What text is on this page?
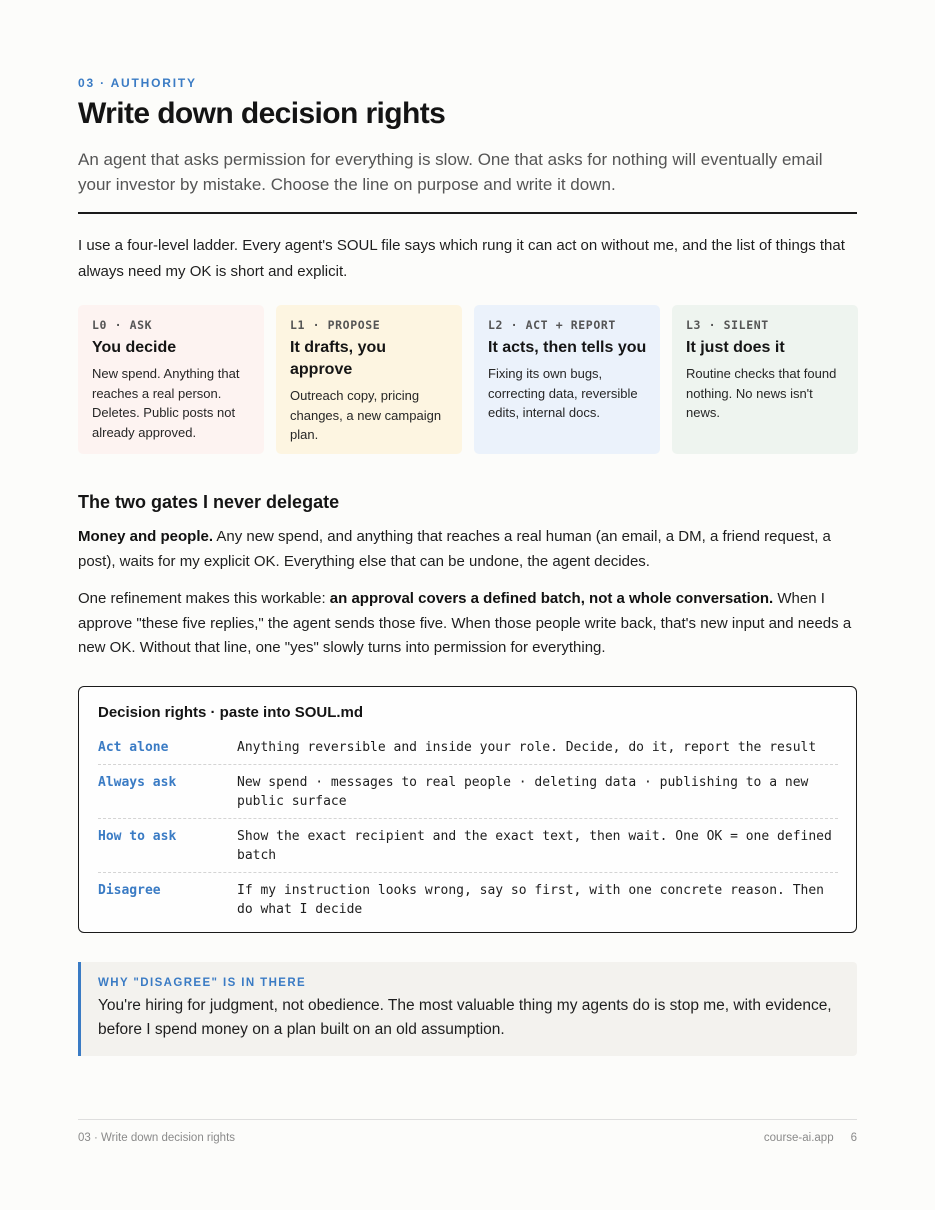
03 · AUTHORITY
Write down decision rights

An agent that asks permission for everything is slow. One that asks for nothing will eventually email your investor by mistake. Choose the line on purpose and write it down.

I use a four-level ladder. Every agent's SOUL file says which rung it can act on without me, and the list of things that always need my OK is short and explicit.

L0 · ASK
You decide
New spend. Anything that reaches a real person. Deletes. Public posts not already approved.
L1 · PROPOSE
It drafts, you approve
Outreach copy, pricing changes, a new campaign plan.
L2 · ACT + REPORT
It acts, then tells you
Fixing its own bugs, correcting data, reversible edits, internal docs.
L3 · SILENT
It just does it
Routine checks that found nothing. No news isn't news.
The two gates I never delegate

Money and people. Any new spend, and anything that reaches a real human (an email, a DM, a friend request, a post), waits for my explicit OK. Everything else that can be undone, the agent decides.

One refinement makes this workable: an approval covers a defined batch, not a whole conversation. When I approve "these five replies," the agent sends those five. When those people write back, that's new input and needs a new OK. Without that line, one "yes" slowly turns into permission for everything.

Decision rights · paste into SOUL.md
Act alone	Anything reversible and inside your role. Decide, do it, report the result
Always ask	New spend · messages to real people · deleting data · publishing to a new public surface
How to ask	Show the exact recipient and the exact text, then wait. One OK = one defined batch
Disagree	If my instruction looks wrong, say so first, with one concrete reason. Then do what I decide
WHY "DISAGREE" IS IN THERE
You're hiring for judgment, not obedience. The most valuable thing my agents do is stop me, with evidence, before I spend money on a plan built on an old assumption.
03 · Write down decision rights	course-ai.app 6
